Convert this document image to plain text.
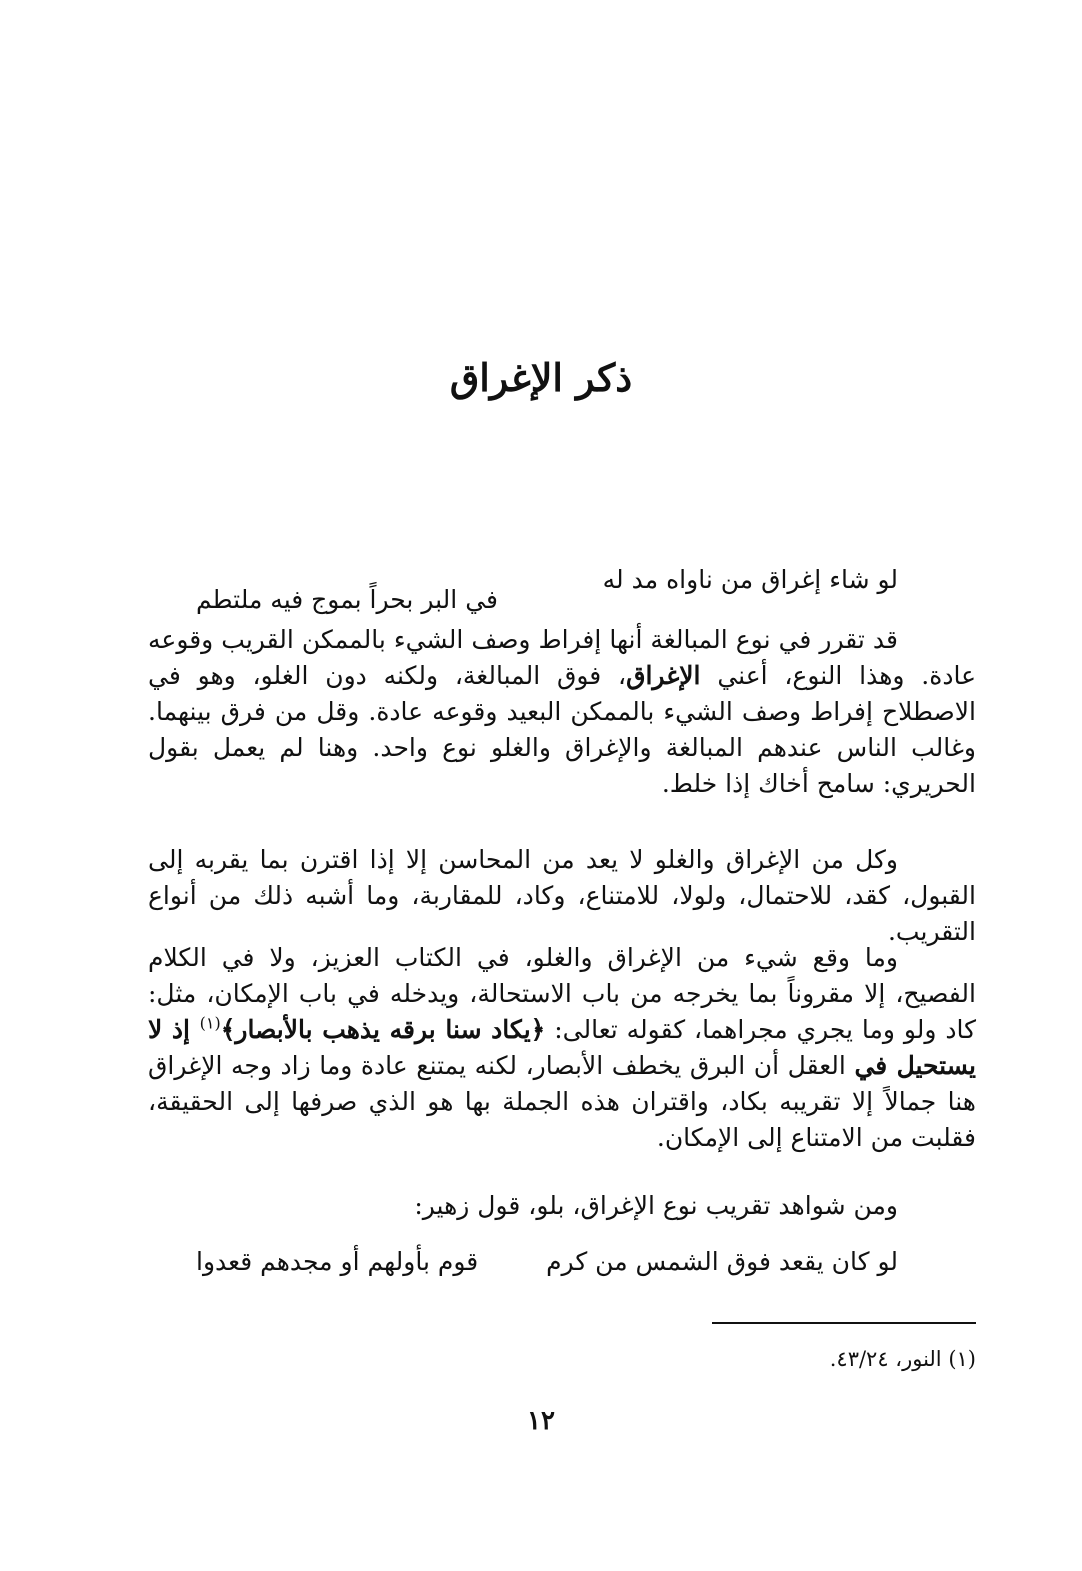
ذكر الإغراق
لو شاء إغراق من ناواه مد له
في البر بحراً بموج فيه ملتطم

قد تقرر في نوع المبالغة أنها إفراط وصف الشيء بالممكن القريب وقوعه عادة. وهذا النوع، أعني الإغراق، فوق المبالغة، ولكنه دون الغلو، وهو في الاصطلاح إفراط وصف الشيء بالممكن البعيد وقوعه عادة. وقل من فرق بينهما. وغالب الناس عندهم المبالغة والإغراق والغلو نوع واحد. وهنا لم يعمل بقول الحريري: سامح أخاك إذا خلط.

وكل من الإغراق والغلو لا يعد من المحاسن إلا إذا اقترن بما يقربه إلى القبول، كقد، للاحتمال، ولولا، للامتناع، وكاد، للمقاربة، وما أشبه ذلك من أنواع التقريب.

وما وقع شيء من الإغراق والغلو، في الكتاب العزيز، ولا في الكلام الفصيح، إلا مقروناً بما يخرجه من باب الاستحالة، ويدخله في باب الإمكان، مثل: كاد ولو وما يجري مجراهما، كقوله تعالى: ﴿يكاد سنا برقه يذهب بالأبصار﴾$^{(١)}$ إذ لا يستحيل في العقل أن البرق يخطف الأبصار، لكنه يمتنع عادة وما زاد وجه الإغراق هنا جمالاً إلا تقريبه بكاد، واقتران هذه الجملة بها هو الذي صرفها إلى الحقيقة، فقلبت من الامتناع إلى الإمكان.

ومن شواهد تقريب نوع الإغراق، بلو، قول زهير:

لو كان يقعد فوق الشمس من كرم
قوم بأولهم أو مجدهم قعدوا

(١) النور، ٤٣/٢٤.

١٢
